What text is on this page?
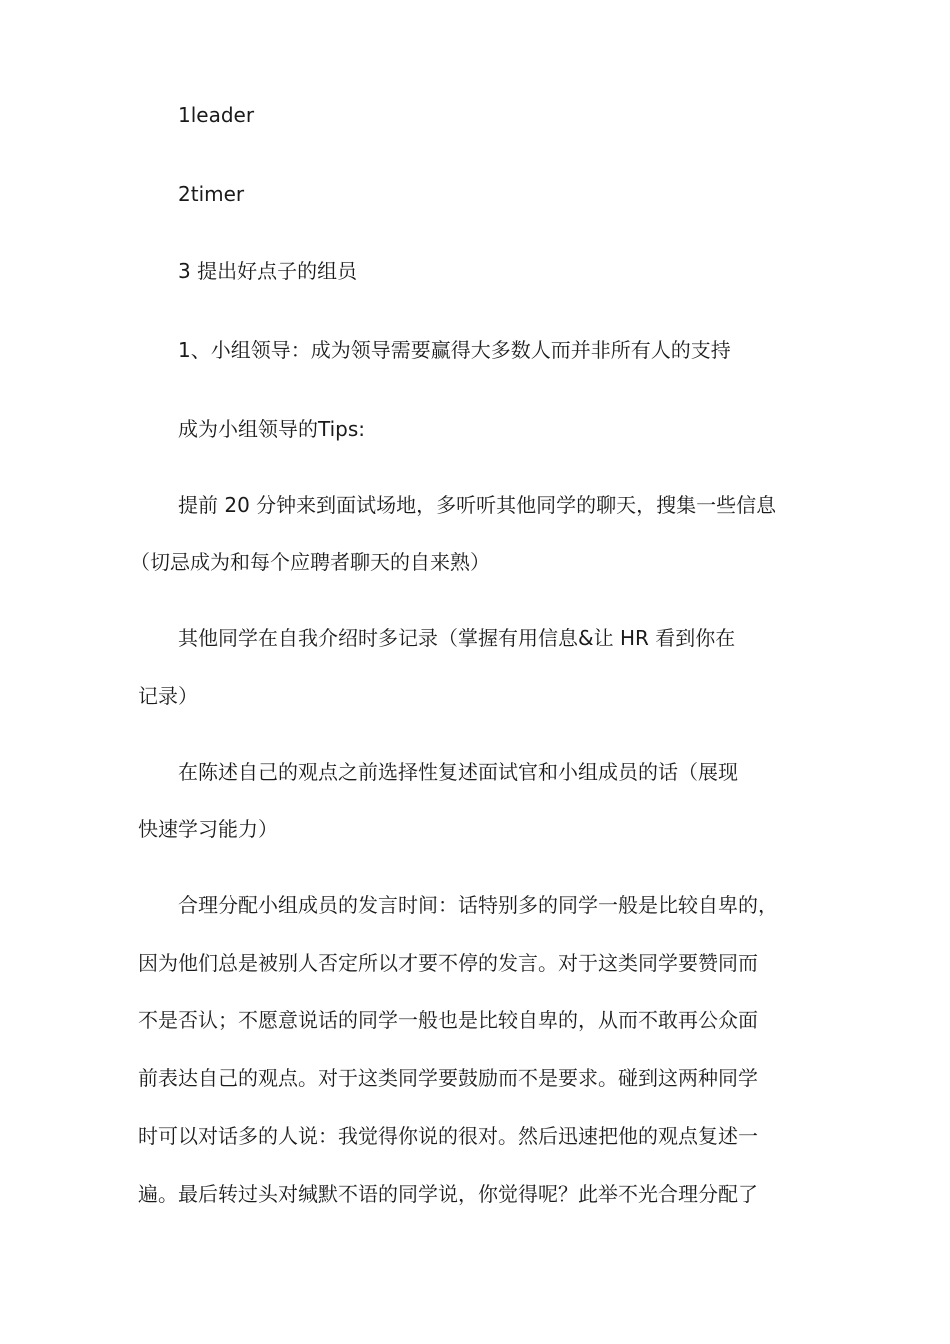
1leader

2timer

3 提出好点子的组员

1、小组领导：成为领导需要赢得大多数人而并非所有人的支持

成为小组领导的Tips:

提前 20 分钟来到面试场地，多听听其他同学的聊天，搜集一些信息

（切忌成为和每个应聘者聊天的自来熟）

其他同学在自我介绍时多记录（掌握有用信息&让 HR 看到你在

记录）

在陈述自己的观点之前选择性复述面试官和小组成员的话（展现

快速学习能力）

合理分配小组成员的发言时间：话特别多的同学一般是比较自卑的，

因为他们总是被别人否定所以才要不停的发言。对于这类同学要赞同而

不是否认；不愿意说话的同学一般也是比较自卑的，从而不敢再公众面

前表达自己的观点。对于这类同学要鼓励而不是要求。碰到这两种同学

时可以对话多的人说：我觉得你说的很对。然后迅速把他的观点复述一

遍。最后转过头对缄默不语的同学说，你觉得呢？此举不光合理分配了
